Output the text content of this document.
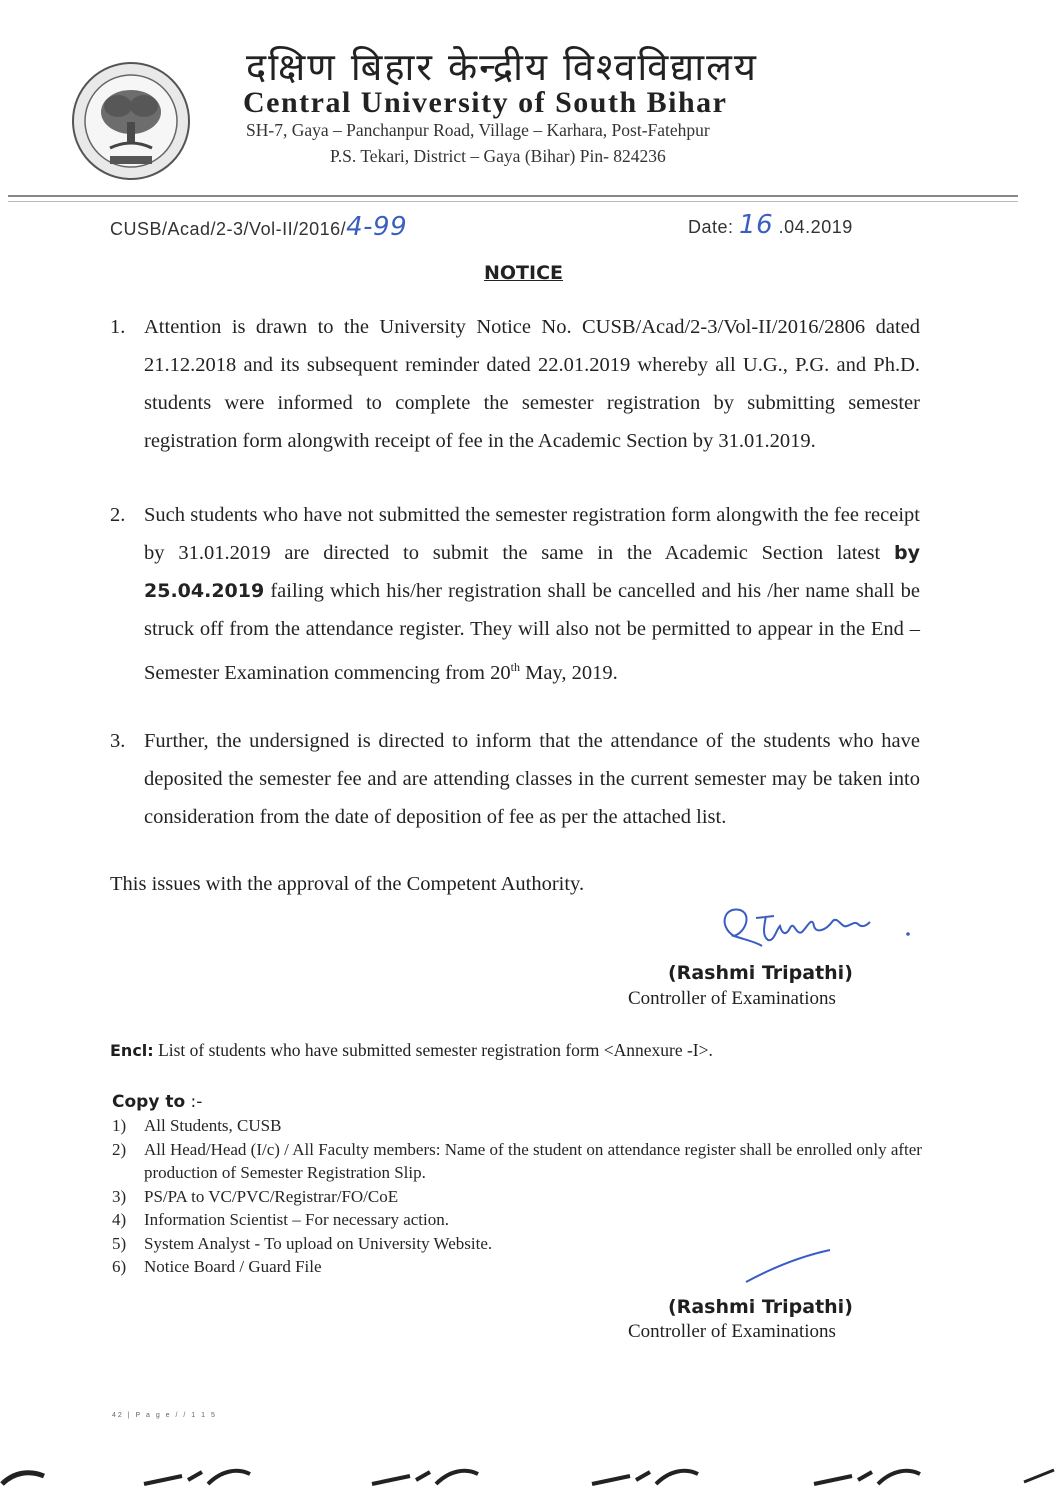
दक्षिण बिहार केन्द्रीय विश्वविद्यालय
Central University of South Bihar
SH-7, Gaya – Panchanpur Road, Village – Karhara, Post-Fatehpur
P.S. Tekari, District – Gaya (Bihar) Pin- 824236
CUSB/Acad/2-3/Vol-II/2016/4-99	Date: 16 .04.2019
NOTICE
1. Attention is drawn to the University Notice No. CUSB/Acad/2-3/Vol-II/2016/2806 dated 21.12.2018 and its subsequent reminder dated 22.01.2019 whereby all U.G., P.G. and Ph.D. students were informed to complete the semester registration by submitting semester registration form alongwith receipt of fee in the Academic Section by 31.01.2019.
2. Such students who have not submitted the semester registration form alongwith the fee receipt by 31.01.2019 are directed to submit the same in the Academic Section latest by 25.04.2019 failing which his/her registration shall be cancelled and his /her name shall be struck off from the attendance register. They will also not be permitted to appear in the End – Semester Examination commencing from 20th May, 2019.
3. Further, the undersigned is directed to inform that the attendance of the students who have deposited the semester fee and are attending classes in the current semester may be taken into consideration from the date of deposition of fee as per the attached list.
This issues with the approval of the Competent Authority.
(Rashmi Tripathi)
Controller of Examinations
Encl: List of students who have submitted semester registration form <Annexure -I>.
Copy to :-
1)	All Students, CUSB
2)	All Head/Head (I/c) / All Faculty members: Name of the student on attendance register shall be enrolled only after production of Semester Registration Slip.
3)	PS/PA to VC/PVC/Registrar/FO/CoE
4)	Information Scientist – For necessary action.
5)	System Analyst - To upload on University Website.
6)	Notice Board / Guard File
(Rashmi Tripathi)
Controller of Examinations
42 | P a g e / / 1 1 5
